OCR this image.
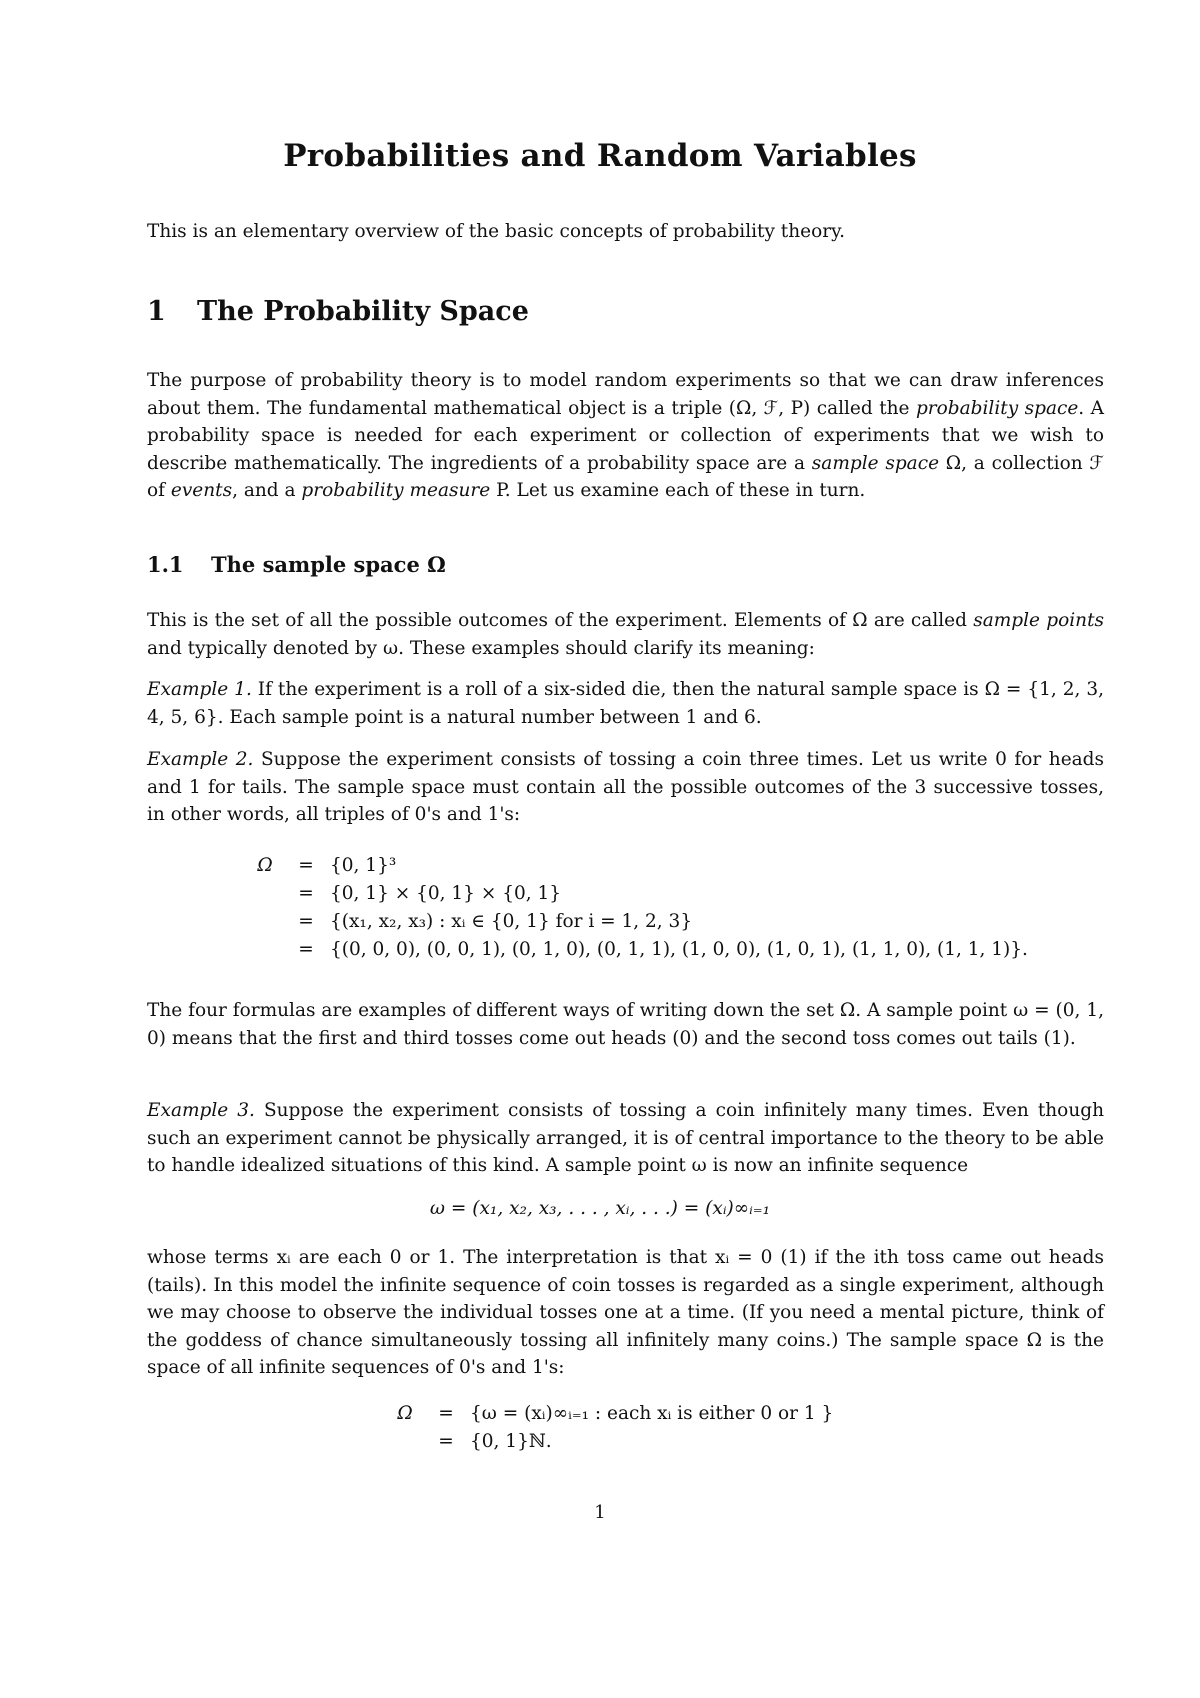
Probabilities and Random Variables
This is an elementary overview of the basic concepts of probability theory.
1 The Probability Space
The purpose of probability theory is to model random experiments so that we can draw inferences about them. The fundamental mathematical object is a triple (Ω, ℱ, P) called the probability space. A probability space is needed for each experiment or collection of experiments that we wish to describe mathematically. The ingredients of a probability space are a sample space Ω, a collection ℱ of events, and a probability measure P. Let us examine each of these in turn.
1.1 The sample space Ω
This is the set of all the possible outcomes of the experiment. Elements of Ω are called sample points and typically denoted by ω. These examples should clarify its meaning:
Example 1. If the experiment is a roll of a six-sided die, then the natural sample space is Ω = {1, 2, 3, 4, 5, 6}. Each sample point is a natural number between 1 and 6.
Example 2. Suppose the experiment consists of tossing a coin three times. Let us write 0 for heads and 1 for tails. The sample space must contain all the possible outcomes of the 3 successive tosses, in other words, all triples of 0's and 1's:
Ω = {0, 1}³
= {0, 1} × {0, 1} × {0, 1}
= {(x₁, x₂, x₃) : xᵢ ∈ {0, 1} for i = 1, 2, 3}
= {(0, 0, 0), (0, 0, 1), (0, 1, 0), (0, 1, 1), (1, 0, 0), (1, 0, 1), (1, 1, 0), (1, 1, 1)}.
The four formulas are examples of different ways of writing down the set Ω. A sample point ω = (0, 1, 0) means that the first and third tosses come out heads (0) and the second toss comes out tails (1).
Example 3. Suppose the experiment consists of tossing a coin infinitely many times. Even though such an experiment cannot be physically arranged, it is of central importance to the theory to be able to handle idealized situations of this kind. A sample point ω is now an infinite sequence
ω = (x₁, x₂, x₃, . . . , xᵢ, . . .) = (xᵢ)∞ᵢ₌₁
whose terms xᵢ are each 0 or 1. The interpretation is that xᵢ = 0 (1) if the ith toss came out heads (tails). In this model the infinite sequence of coin tosses is regarded as a single experiment, although we may choose to observe the individual tosses one at a time. (If you need a mental picture, think of the goddess of chance simultaneously tossing all infinitely many coins.) The sample space Ω is the space of all infinite sequences of 0's and 1's:
Ω = {ω = (xᵢ)∞ᵢ₌₁ : each xᵢ is either 0 or 1 }
= {0, 1}ℕ.
1
